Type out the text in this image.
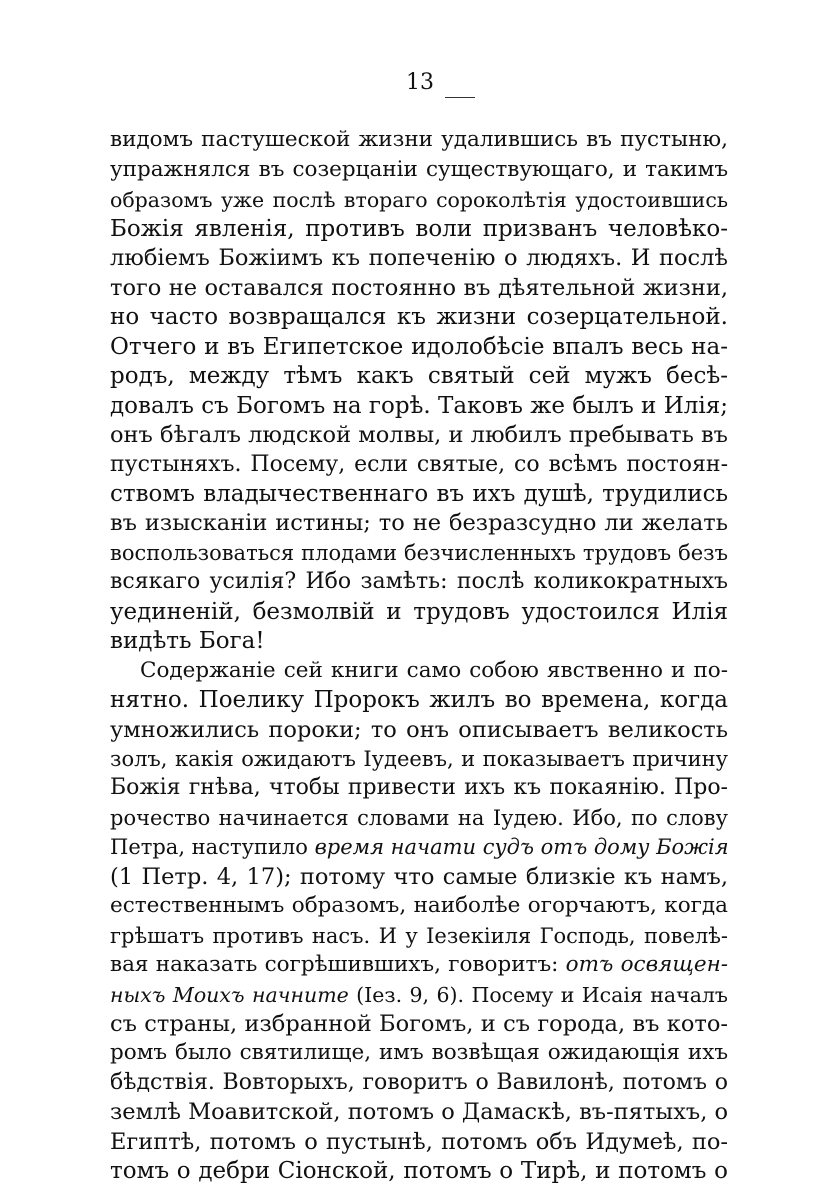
13
видомъ пастушеской жизни удалившись въ пустыню,
упражнялся въ созерцаніи существующаго, и такимъ
образомъ уже послѣ втораго сороколѣтія удостоившись
Божія явленія, противъ воли призванъ человѣко-
любіемъ Божіимъ къ попеченію о людяхъ. И послѣ
того не оставался постоянно въ дѣятельной жизни,
но часто возвращался къ жизни созерцательной.
Отчего и въ Египетское идолобѣсіе впалъ весь на-
родъ, между тѣмъ какъ святый сей мужъ бесѣ-
довалъ съ Богомъ на горѣ. Таковъ же былъ и Илія;
онъ бѣгалъ людской молвы, и любилъ пребывать въ
пустыняхъ. Посему, если святые, со всѣмъ постоян-
ствомъ владычественнаго въ ихъ душѣ, трудились
въ изысканіи истины; то не безразсудно ли желать
воспользоваться плодами безчисленныхъ трудовъ безъ
всякаго усилія? Ибо замѣть: послѣ коликократныхъ
уединеній, безмолвій и трудовъ удостоился Илія
видѣть Бога!
Содержаніе сей книги само собою явственно и по-
нятно. Поелику Пророкъ жилъ во времена, когда
умножились пороки; то онъ описываетъ великость
золъ, какія ожидаютъ Іудеевъ, и показываетъ причину
Божія гнѣва, чтобы привести ихъ къ покаянію. Про-
рочество начинается словами на Іудею. Ибо, по слову
Петра, наступило время начати судъ отъ дому Божія
(1 Петр. 4, 17); потому что самые близкіе къ намъ,
естественнымъ образомъ, наиболѣе огорчаютъ, когда
грѣшатъ противъ насъ. И у Іезекіиля Господь, повелѣ-
вая наказать согрѣшившихъ, говоритъ: отъ освящен-
ныхъ Моихъ начните (Іез. 9, 6). Посему и Исаія началъ
съ страны, избранной Богомъ, и съ города, въ кото-
ромъ было святилище, имъ возвѣщая ожидающія ихъ
бѣдствія. Вовторыхъ, говоритъ о Вавилонѣ, потомъ о
землѣ Моавитской, потомъ о Дамаскѣ, въ-пятыхъ, о
Египтѣ, потомъ о пустынѣ, потомъ объ Идумеѣ, по-
томъ о дебри Сіонской, потомъ о Тирѣ, и потомъ о
